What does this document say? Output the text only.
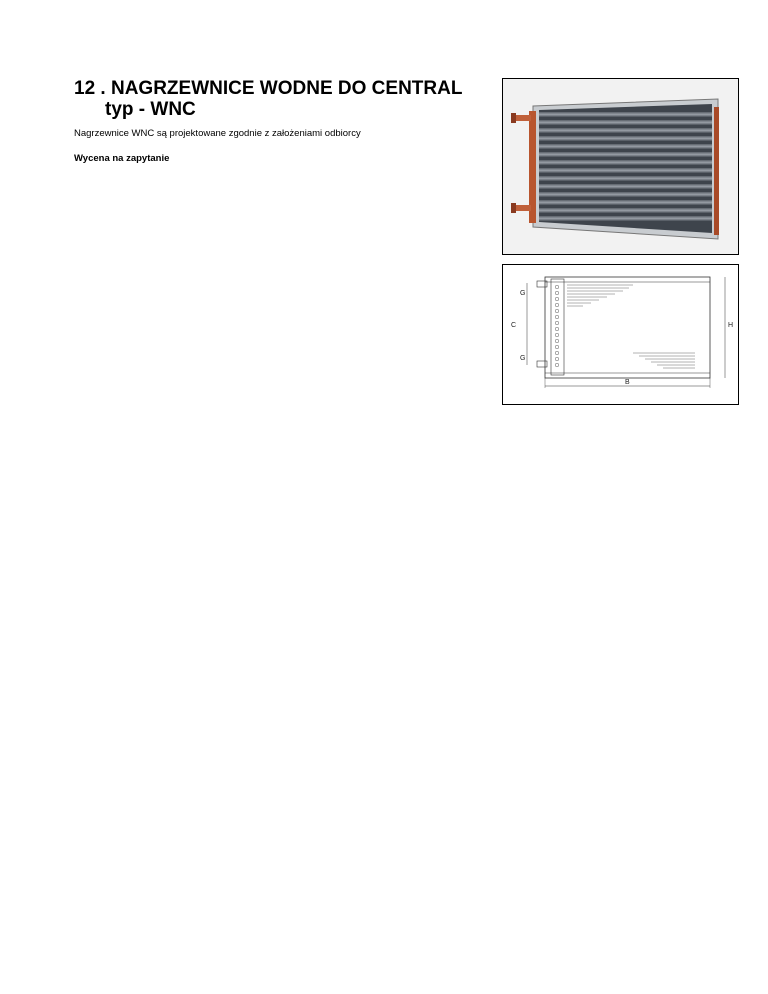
12 . NAGRZEWNICE WODNE DO CENTRAL
typ - WNC
Nagrzewnice WNC są projektowane zgodnie z założeniami odbiorcy
Wycena na zapytanie
G
G
C	H
B
